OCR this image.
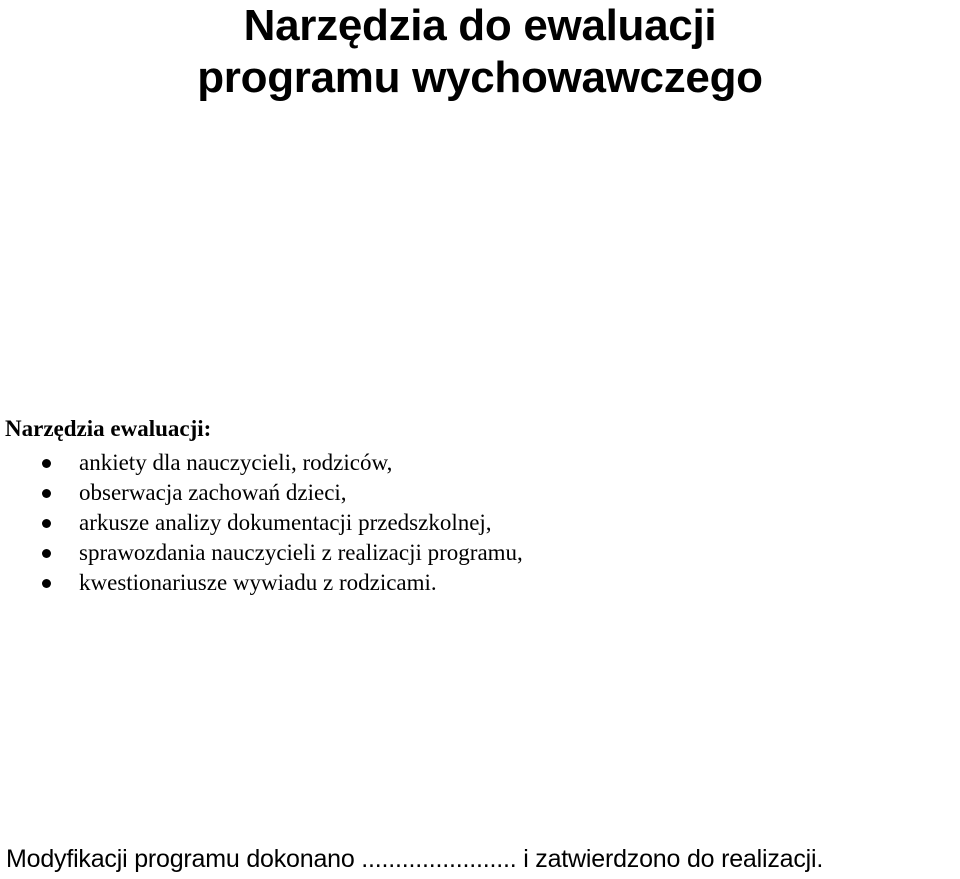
Narzędzia do ewaluacji
programu wychowawczego

Narzędzia ewaluacji:

ankiety dla nauczycieli, rodziców,
obserwacja zachowań dzieci,
arkusze analizy dokumentacji przedszkolnej,
sprawozdania nauczycieli z realizacji programu,
kwestionariusze wywiadu z rodzicami.

Modyfikacji programu dokonano ....................... i zatwierdzono do realizacji.
